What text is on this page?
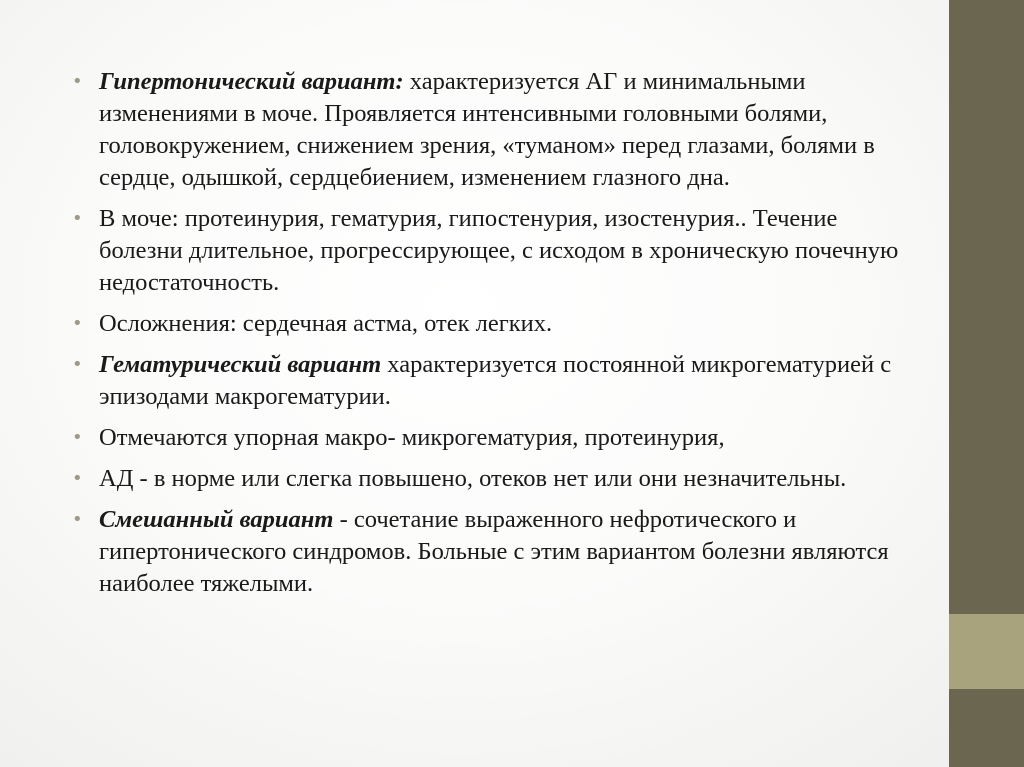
• Гипертонический вариант: характеризуется АГ и минимальными изменениями в моче. Проявляется интенсивными головными болями, головокружением, снижением зрения, «туманом» перед глазами, болями в сердце, одышкой, сердцебиением, изменением глазного дна.
• В моче: протеинурия, гематурия, гипостенурия, изостенурия.. Течение болезни длительное, прогрессирующее, с исходом в хроническую почечную недостаточность.
• Осложнения: сердечная астма, отек легких.
• Гематурический вариант характеризуется постоянной микрогематурией с эпизодами макрогематурии.
• Отмечаются упорная макро- микрогематурия, протеинурия,
• АД - в норме или слегка повышено, отеков нет или они незначительны.
• Смешанный вариант - сочетание выраженного нефротического и гипертонического синдромов. Больные с этим вариантом болезни являются наиболее тяжелыми.
